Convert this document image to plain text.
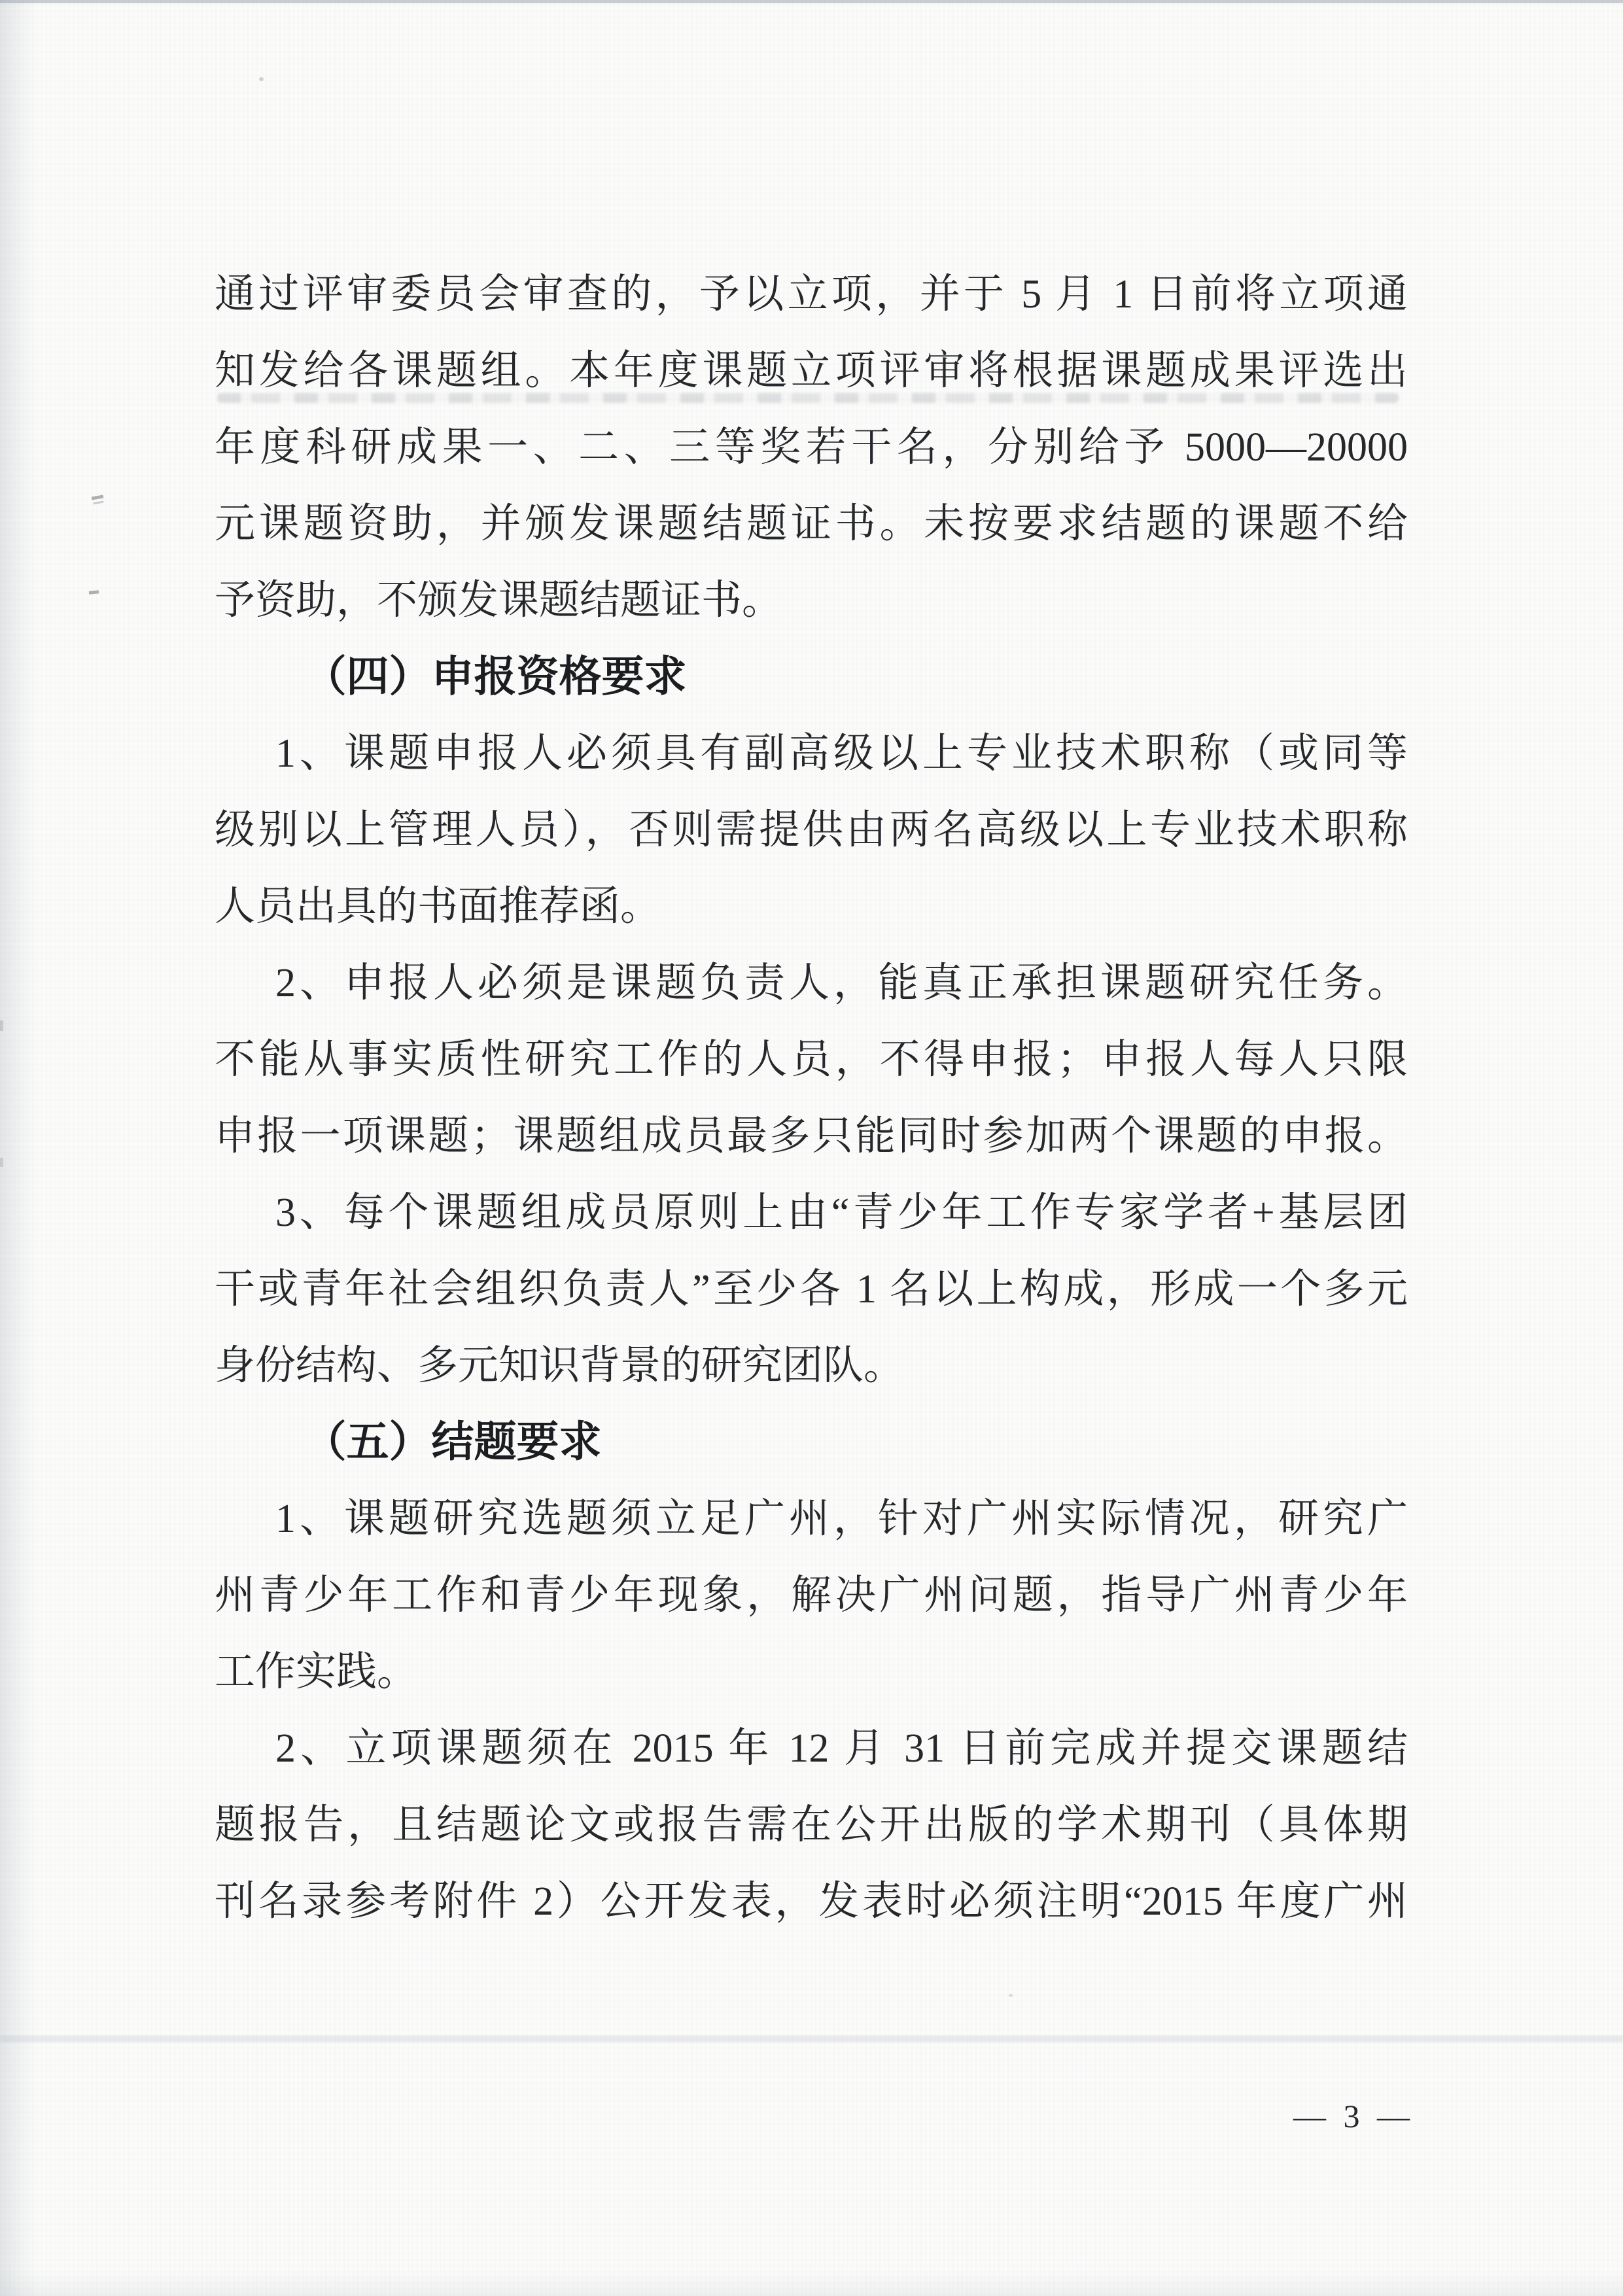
通过评审委员会审查的，予以立项，并于 5 月 1 日前将立项通
知发给各课题组。本年度课题立项评审将根据课题成果评选出
年度科研成果一、二、三等奖若干名，分别给予 5000—20000
元课题资助，并颁发课题结题证书。未按要求结题的课题不给
予资助，不颁发课题结题证书。
（四）申报资格要求
1、课题申报人必须具有副高级以上专业技术职称（或同等
级别以上管理人员），否则需提供由两名高级以上专业技术职称
人员出具的书面推荐函。
2、申报人必须是课题负责人，能真正承担课题研究任务。
不能从事实质性研究工作的人员，不得申报；申报人每人只限
申报一项课题；课题组成员最多只能同时参加两个课题的申报。
3、每个课题组成员原则上由“青少年工作专家学者+基层团
干或青年社会组织负责人”至少各 1 名以上构成，形成一个多元
身份结构、多元知识背景的研究团队。
（五）结题要求
1、课题研究选题须立足广州，针对广州实际情况，研究广
州青少年工作和青少年现象，解决广州问题，指导广州青少年
工作实践。
2、立项课题须在 2015 年 12 月 31 日前完成并提交课题结
题报告，且结题论文或报告需在公开出版的学术期刊（具体期
刊名录参考附件 2）公开发表，发表时必须注明“2015 年度广州
— 3 —
